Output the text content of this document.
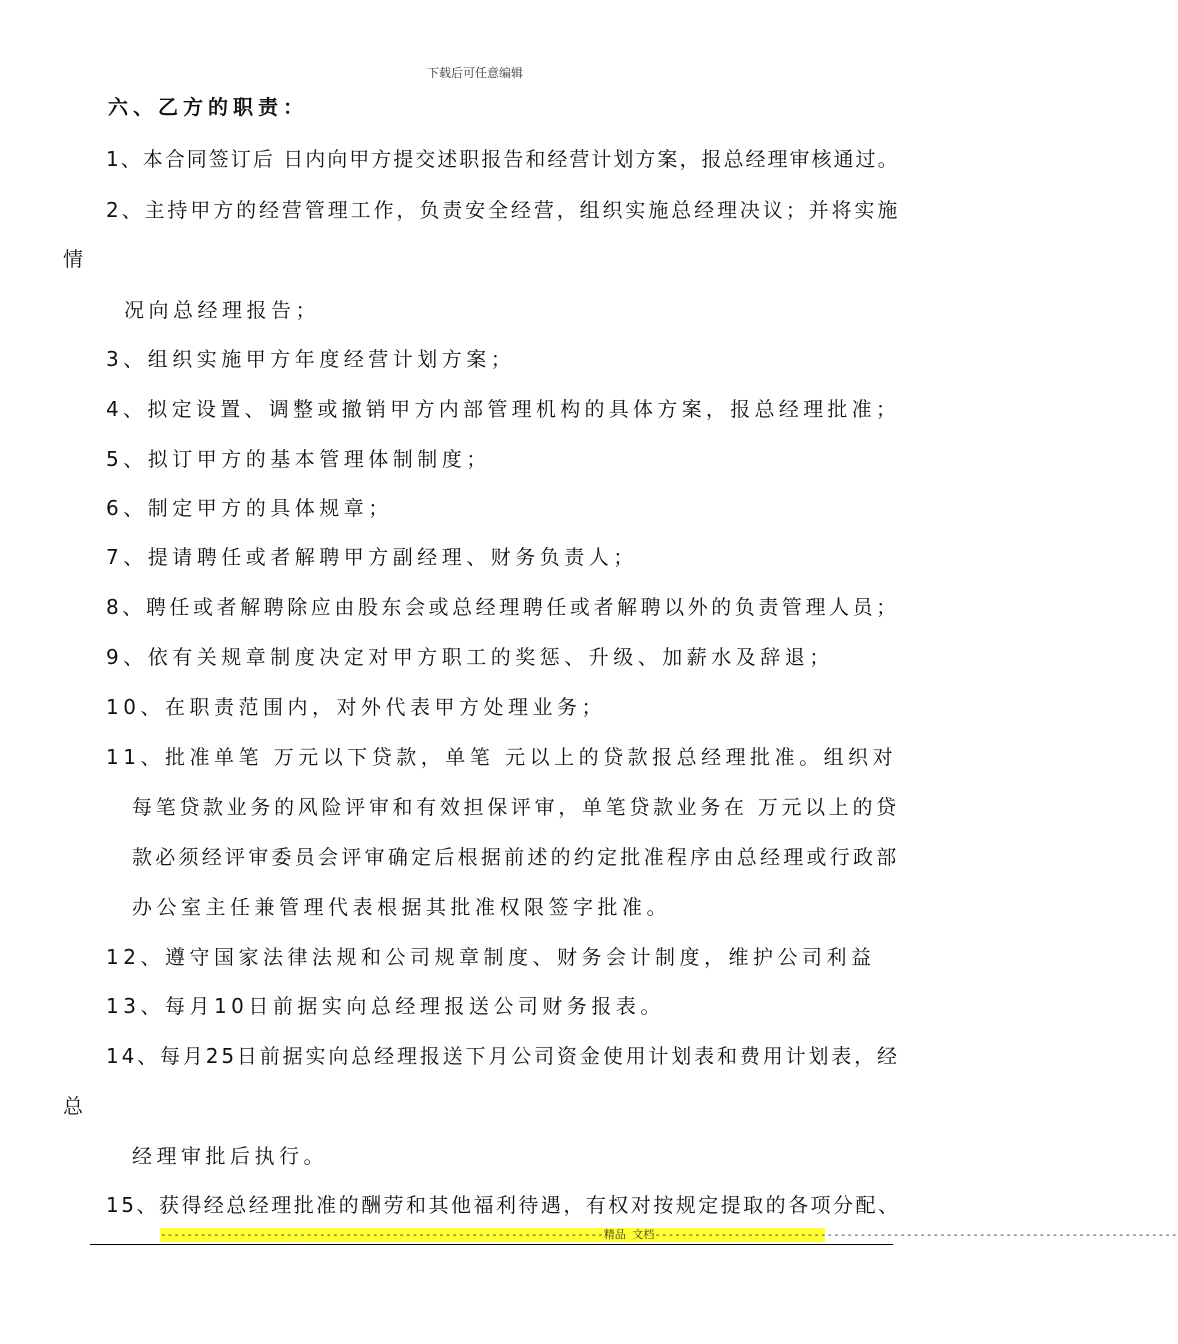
下载后可任意编辑
六、乙方的职责：
1、本合同签订后 日内向甲方提交述职报告和经营计划方案，报总经理审核通过。
2、主持甲方的经营管理工作，负责安全经营，组织实施总经理决议；并将实施
情
况向总经理报告；
3、组织实施甲方年度经营计划方案；
4、拟定设置、调整或撤销甲方内部管理机构的具体方案，报总经理批准；
5、拟订甲方的基本管理体制制度；
6、制定甲方的具体规章；
7、提请聘任或者解聘甲方副经理、财务负责人；
8、聘任或者解聘除应由股东会或总经理聘任或者解聘以外的负责管理人员；
9、依有关规章制度决定对甲方职工的奖惩、升级、加薪水及辞退；
10、在职责范围内，对外代表甲方处理业务；
11、批准单笔 万元以下贷款，单笔 元以上的贷款报总经理批准。组织对
每笔贷款业务的风险评审和有效担保评审，单笔贷款业务在 万元以上的贷
款必须经评审委员会评审确定后根据前述的约定批准程序由总经理或行政部
办公室主任兼管理代表根据其批准权限签字批准。
12、遵守国家法律法规和公司规章制度、财务会计制度，维护公司利益
13、每月10日前据实向总经理报送公司财务报表。
14、每月25日前据实向总经理报送下月公司资金使用计划表和费用计划表，经
总
经理审批后执行。
15、获得经总经理批准的酬劳和其他福利待遇，有权对按规定提取的各项分配、
-------------------------------------------------------------------精品 文档-------------------------------------------------------------------------------
